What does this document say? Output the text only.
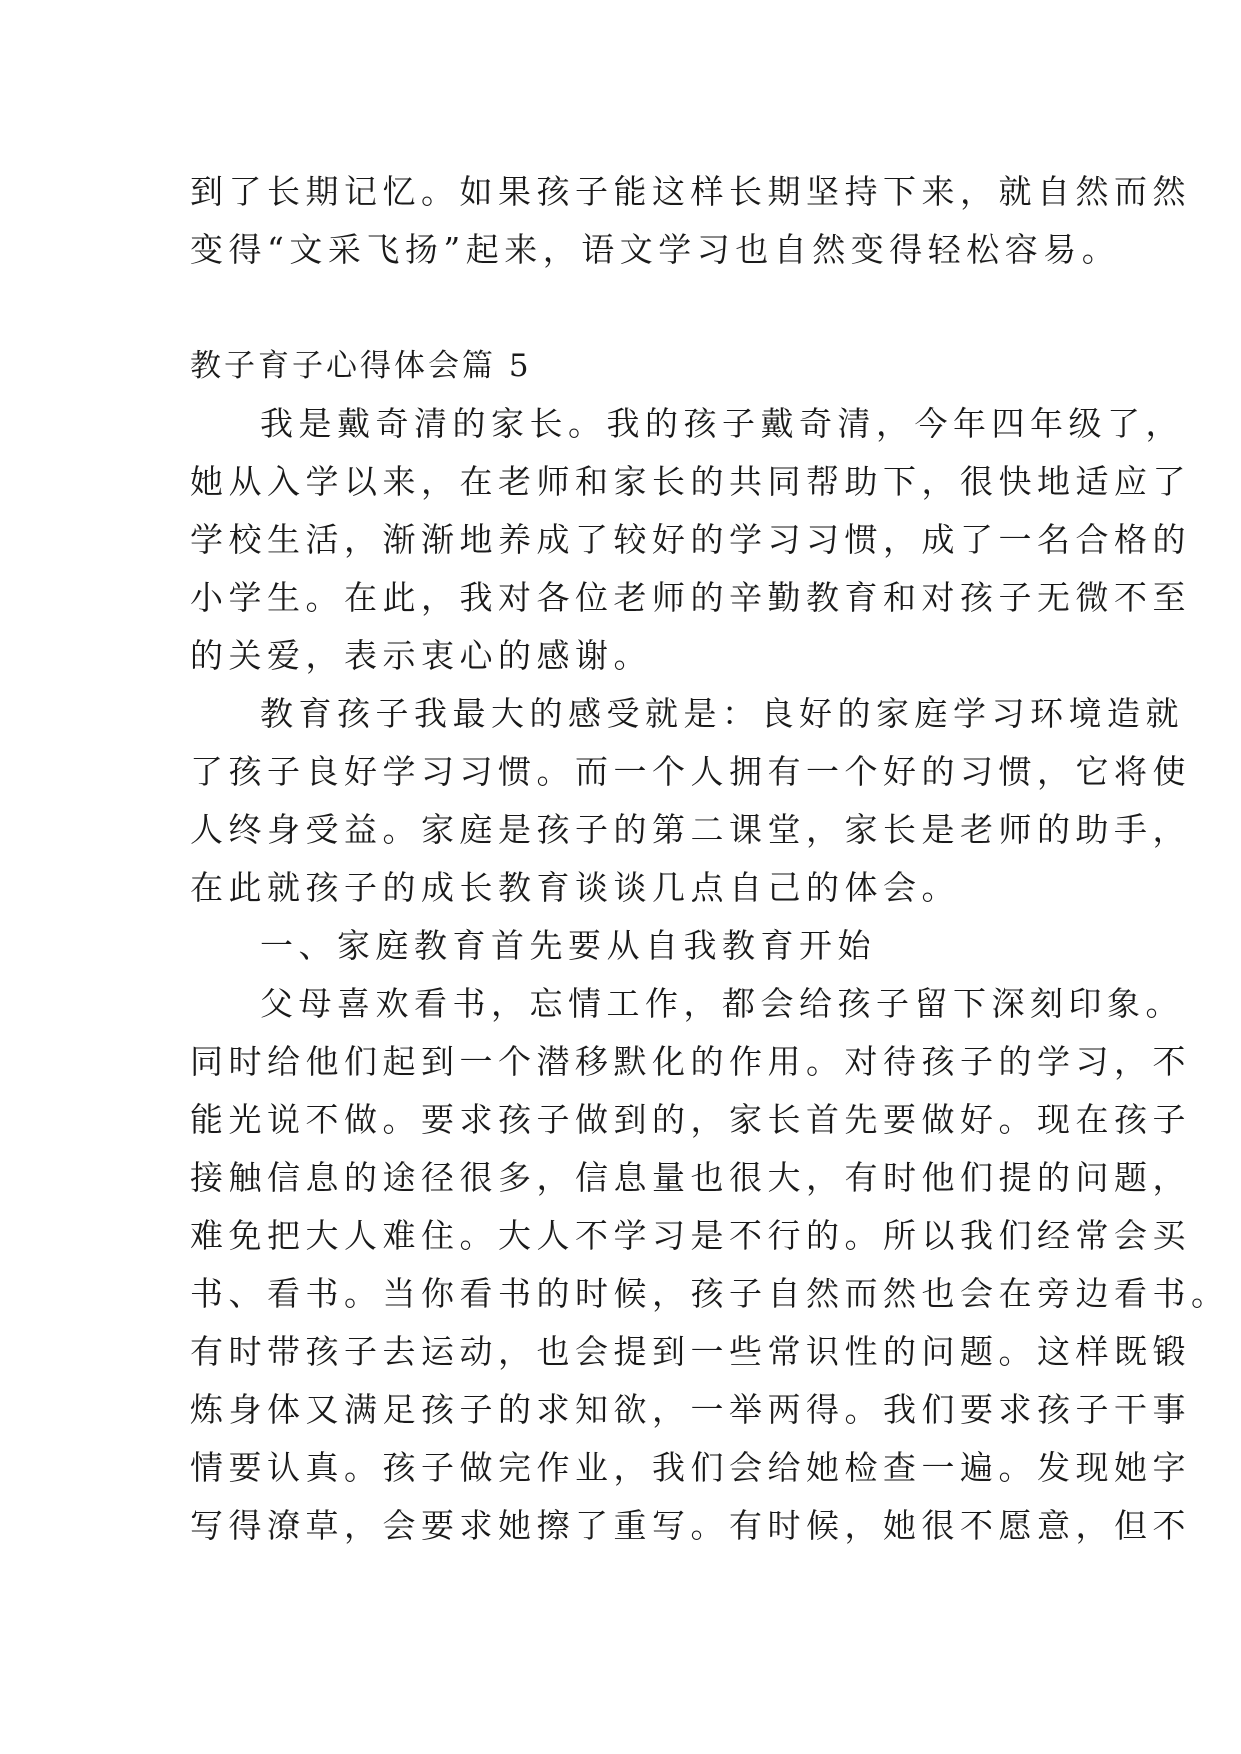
到了长期记忆。如果孩子能这样长期坚持下来，就自然而然
变得“文采飞扬”起来，语文学习也自然变得轻松容易。
教子育子心得体会篇 5
我是戴奇清的家长。我的孩子戴奇清，今年四年级了，
她从入学以来，在老师和家长的共同帮助下，很快地适应了
学校生活，渐渐地养成了较好的学习习惯，成了一名合格的
小学生。在此，我对各位老师的辛勤教育和对孩子无微不至
的关爱，表示衷心的感谢。
教育孩子我最大的感受就是：良好的家庭学习环境造就
了孩子良好学习习惯。而一个人拥有一个好的习惯，它将使
人终身受益。家庭是孩子的第二课堂，家长是老师的助手，
在此就孩子的成长教育谈谈几点自己的体会。
一、家庭教育首先要从自我教育开始
父母喜欢看书，忘情工作，都会给孩子留下深刻印象。
同时给他们起到一个潜移默化的作用。对待孩子的学习，不
能光说不做。要求孩子做到的，家长首先要做好。现在孩子
接触信息的途径很多，信息量也很大，有时他们提的问题，
难免把大人难住。大人不学习是不行的。所以我们经常会买
书、看书。当你看书的时候，孩子自然而然也会在旁边看书。
有时带孩子去运动，也会提到一些常识性的问题。这样既锻
炼身体又满足孩子的求知欲，一举两得。我们要求孩子干事
情要认真。孩子做完作业，我们会给她检查一遍。发现她字
写得潦草，会要求她擦了重写。有时候，她很不愿意，但不
